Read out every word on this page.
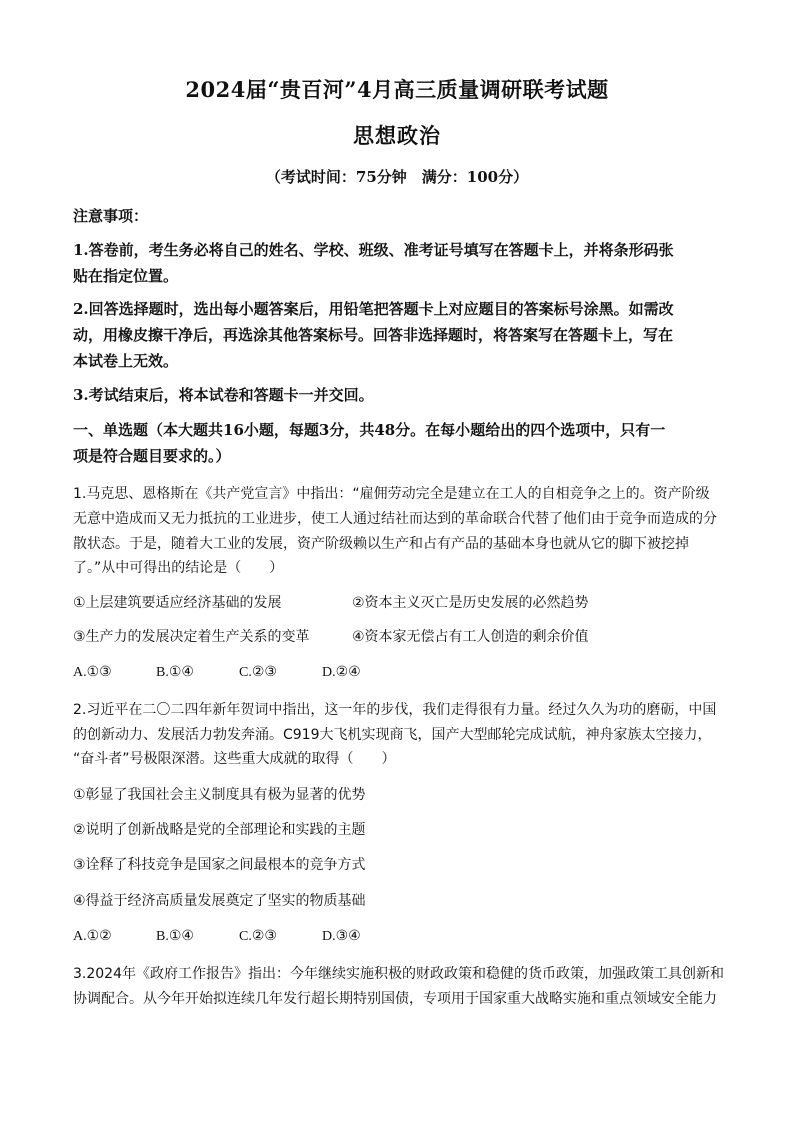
2024届“贵百河”4月高三质量调研联考试题
思想政治
（考试时间：75分钟　满分：100分）
注意事项：
1.答卷前，考生务必将自己的姓名、学校、班级、准考证号填写在答题卡上，并将条形码张
贴在指定位置。
2.回答选择题时，选出每小题答案后，用铅笔把答题卡上对应题目的答案标号涂黑。如需改
动，用橡皮擦干净后，再选涂其他答案标号。回答非选择题时，将答案写在答题卡上，写在
本试卷上无效。
3.考试结束后，将本试卷和答题卡一并交回。
一、单选题（本大题共16小题，每题3分，共48分。在每小题给出的四个选项中，只有一
项是符合题目要求的。）
1.马克思、恩格斯在《共产党宣言》中指出：“雇佣劳动完全是建立在工人的自相竞争之上的。资产阶级
无意中造成而又无力抵抗的工业进步，使工人通过结社而达到的革命联合代替了他们由于竞争而造成的分
散状态。于是，随着大工业的发展，资产阶级赖以生产和占有产品的基础本身也就从它的脚下被挖掉
了。”从中可得出的结论是（　　）
①上层建筑要适应经济基础的发展	②资本主义灭亡是历史发展的必然趋势
③生产力的发展决定着生产关系的变革	④资本家无偿占有工人创造的剩余价值
A.①③	B.①④	C.②③	D.②④
2.习近平在二〇二四年新年贺词中指出，这一年的步伐，我们走得很有力量。经过久久为功的磨砺，中国
的创新动力、发展活力勃发奔涌。C919大飞机实现商飞，国产大型邮轮完成试航，神舟家族太空接力，
“奋斗者”号极限深潜。这些重大成就的取得（　　）
①彰显了我国社会主义制度具有极为显著的优势
②说明了创新战略是党的全部理论和实践的主题
③诠释了科技竞争是国家之间最根本的竞争方式
④得益于经济高质量发展奠定了坚实的物质基础
A.①②	B.①④	C.②③	D.③④
3.2024年《政府工作报告》指出：今年继续实施积极的财政政策和稳健的货币政策，加强政策工具创新和
协调配合。从今年开始拟连续几年发行超长期特别国债，专项用于国家重大战略实施和重点领域安全能力
